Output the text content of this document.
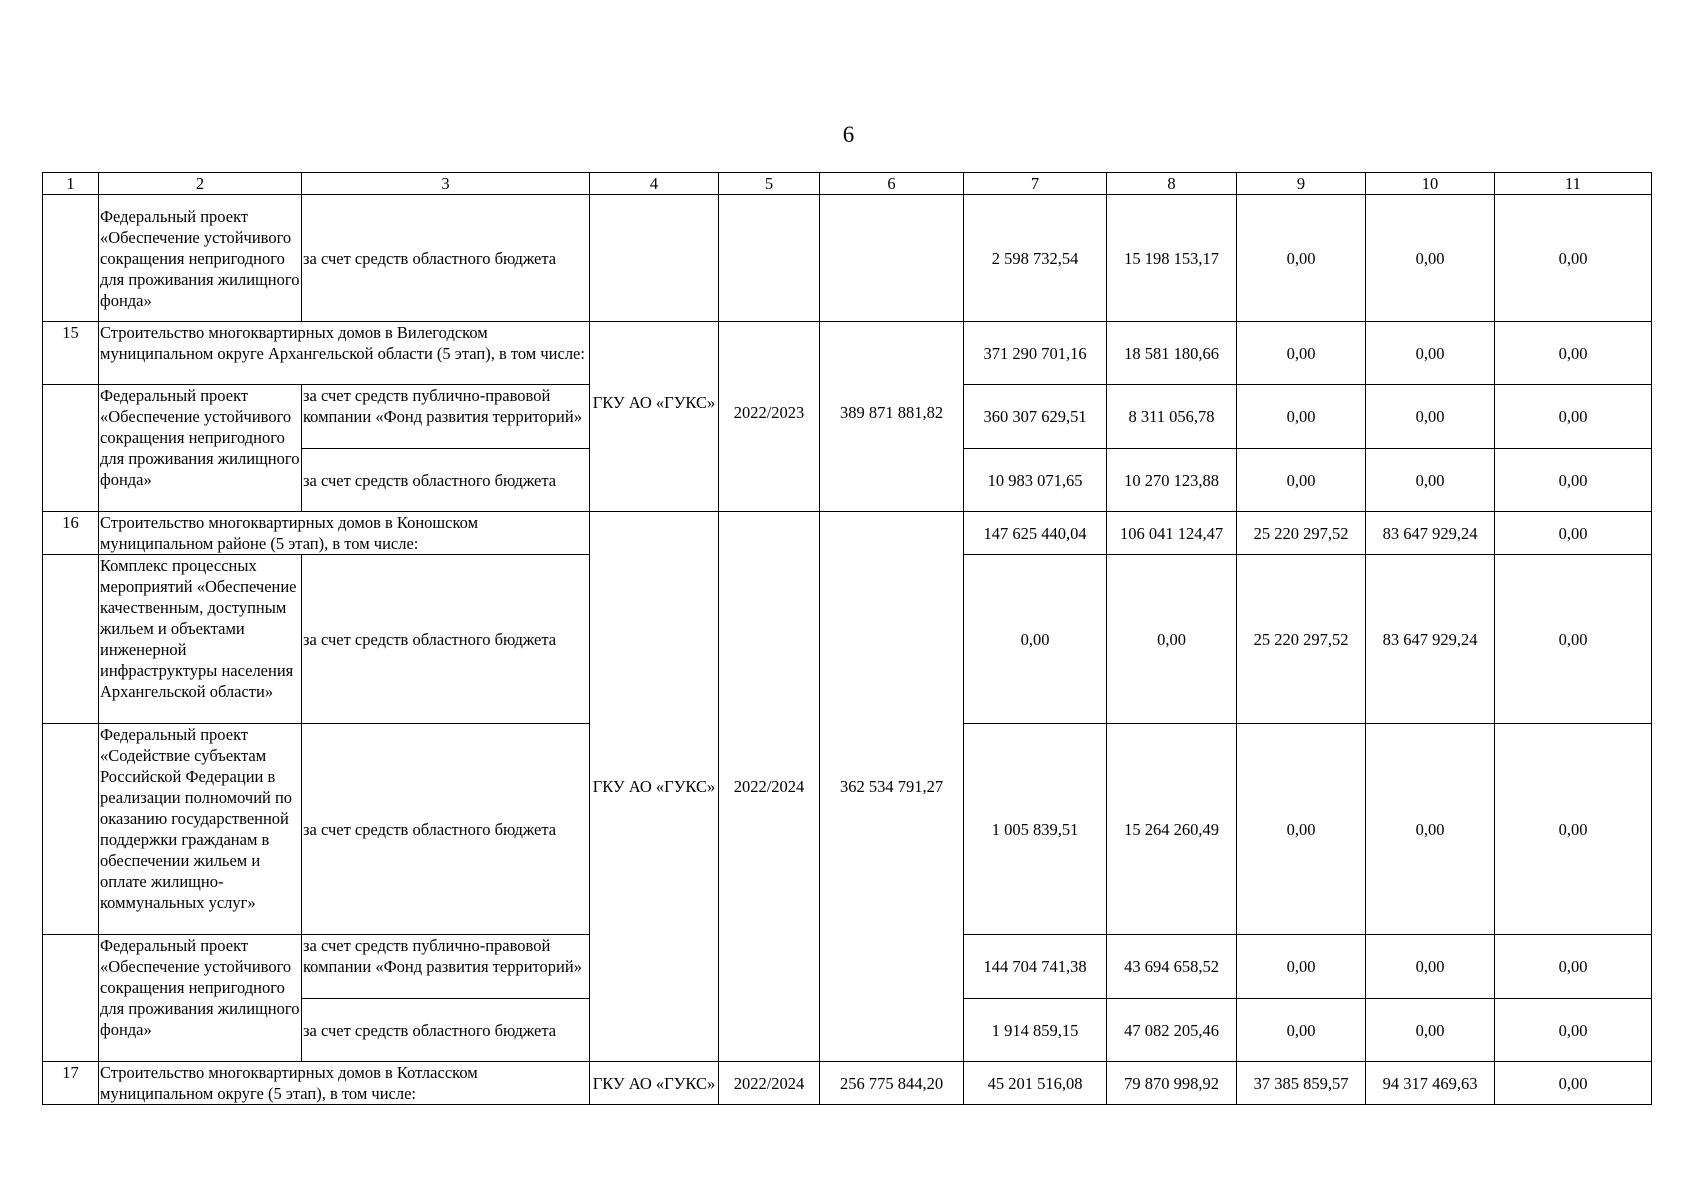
6
1	2	3	4	5	6	7	8	9	10	11
	Федеральный проект «Обеспечение устойчивого сокращения непригодного для проживания жилищного фонда»	за счет средств областного бюджета				2 598 732,54	15 198 153,17	0,00	0,00	0,00
15	Строительство многоквартирных домов в Вилегодском муниципальном округе Архангельской области (5 этап), в том числе:		ГКУ АО «ГУКС»	2022/2023	389 871 881,82	371 290 701,16	18 581 180,66	0,00	0,00	0,00
	Федеральный проект «Обеспечение устойчивого сокращения непригодного для проживания жилищного фонда»	за счет средств публично-правовой компании «Фонд развития территорий»				360 307 629,51	8 311 056,78	0,00	0,00	0,00
		за счет средств областного бюджета				10 983 071,65	10 270 123,88	0,00	0,00	0,00
16	Строительство многоквартирных домов в Коношском муниципальном районе (5 этап), в том числе:		ГКУ АО «ГУКС»	2022/2024	362 534 791,27	147 625 440,04	106 041 124,47	25 220 297,52	83 647 929,24	0,00
	Комплекс процессных мероприятий «Обеспечение качественным, доступным жильем и объектами инженерной инфраструктуры населения Архангельской области»	за счет средств областного бюджета				0,00	0,00	25 220 297,52	83 647 929,24	0,00
	Федеральный проект «Содействие субъектам Российской Федерации в реализации полномочий по оказанию государственной поддержки гражданам в обеспечении жильем и оплате жилищно-коммунальных услуг»	за счет средств областного бюджета				1 005 839,51	15 264 260,49	0,00	0,00	0,00
	Федеральный проект «Обеспечение устойчивого сокращения непригодного для проживания жилищного фонда»	за счет средств публично-правовой компании «Фонд развития территорий»				144 704 741,38	43 694 658,52	0,00	0,00	0,00
		за счет средств областного бюджета				1 914 859,15	47 082 205,46	0,00	0,00	0,00
17	Строительство многоквартирных домов в Котласском муниципальном округе (5 этап), в том числе:		ГКУ АО «ГУКС»	2022/2024	256 775 844,20	45 201 516,08	79 870 998,92	37 385 859,57	94 317 469,63	0,00
